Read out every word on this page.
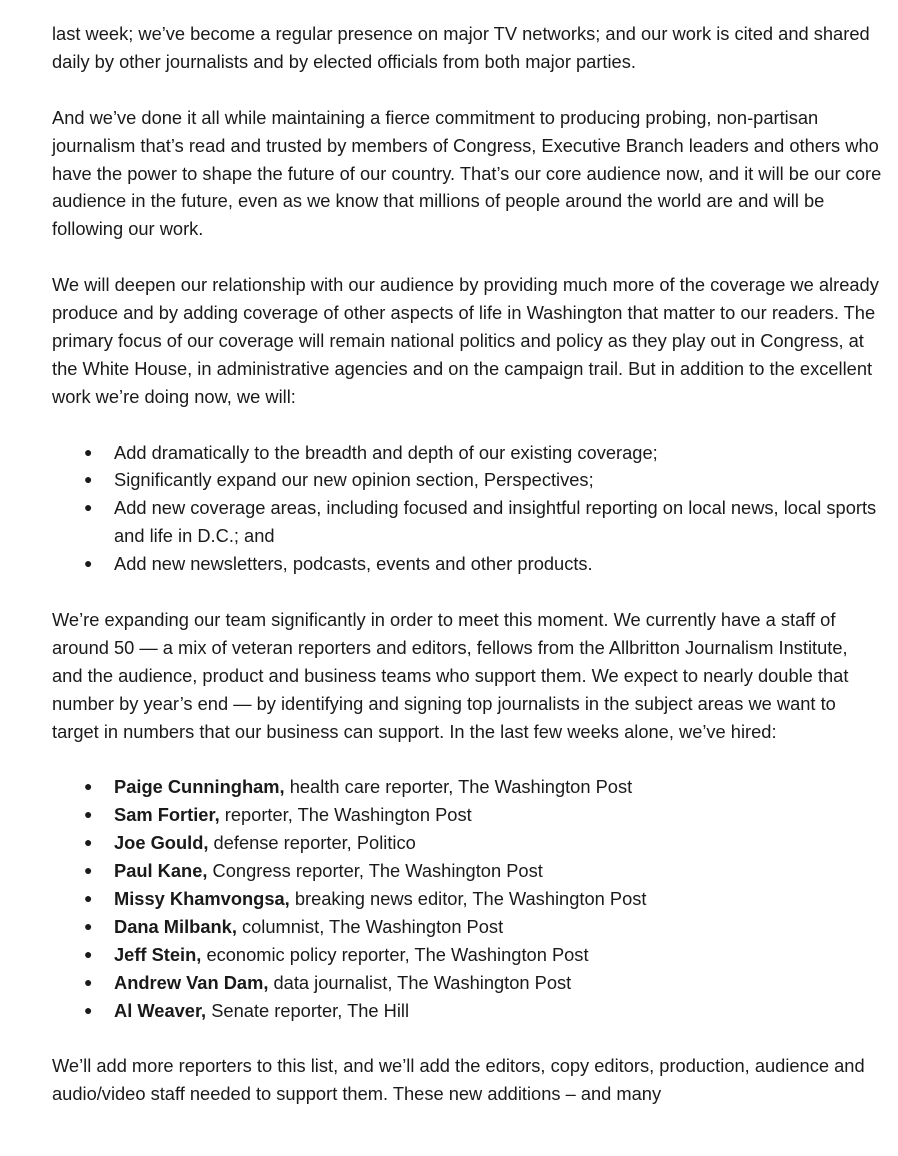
last week; we’ve become a regular presence on major TV networks; and our work is cited and shared daily by other journalists and by elected officials from both major parties.

And we’ve done it all while maintaining a fierce commitment to producing probing, non-partisan journalism that’s read and trusted by members of Congress, Executive Branch leaders and others who have the power to shape the future of our country. That’s our core audience now, and it will be our core audience in the future, even as we know that millions of people around the world are and will be following our work.

We will deepen our relationship with our audience by providing much more of the coverage we already produce and by adding coverage of other aspects of life in Washington that matter to our readers. The primary focus of our coverage will remain national politics and policy as they play out in Congress, at the White House, in administrative agencies and on the campaign trail. But in addition to the excellent work we’re doing now, we will:

● Add dramatically to the breadth and depth of our existing coverage;
● Significantly expand our new opinion section, Perspectives;
● Add new coverage areas, including focused and insightful reporting on local news, local sports and life in D.C.; and
● Add new newsletters, podcasts, events and other products.

We’re expanding our team significantly in order to meet this moment. We currently have a staff of around 50 — a mix of veteran reporters and editors, fellows from the Allbritton Journalism Institute, and the audience, product and business teams who support them. We expect to nearly double that number by year’s end — by identifying and signing top journalists in the subject areas we want to target in numbers that our business can support. In the last few weeks alone, we’ve hired:

● Paige Cunningham, health care reporter, The Washington Post
● Sam Fortier, reporter, The Washington Post
● Joe Gould, defense reporter, Politico
● Paul Kane, Congress reporter, The Washington Post
● Missy Khamvongsa, breaking news editor, The Washington Post
● Dana Milbank, columnist, The Washington Post
● Jeff Stein, economic policy reporter, The Washington Post
● Andrew Van Dam, data journalist, The Washington Post
● Al Weaver, Senate reporter, The Hill

We’ll add more reporters to this list, and we’ll add the editors, copy editors, production, audience and audio/video staff needed to support them. These new additions – and many
